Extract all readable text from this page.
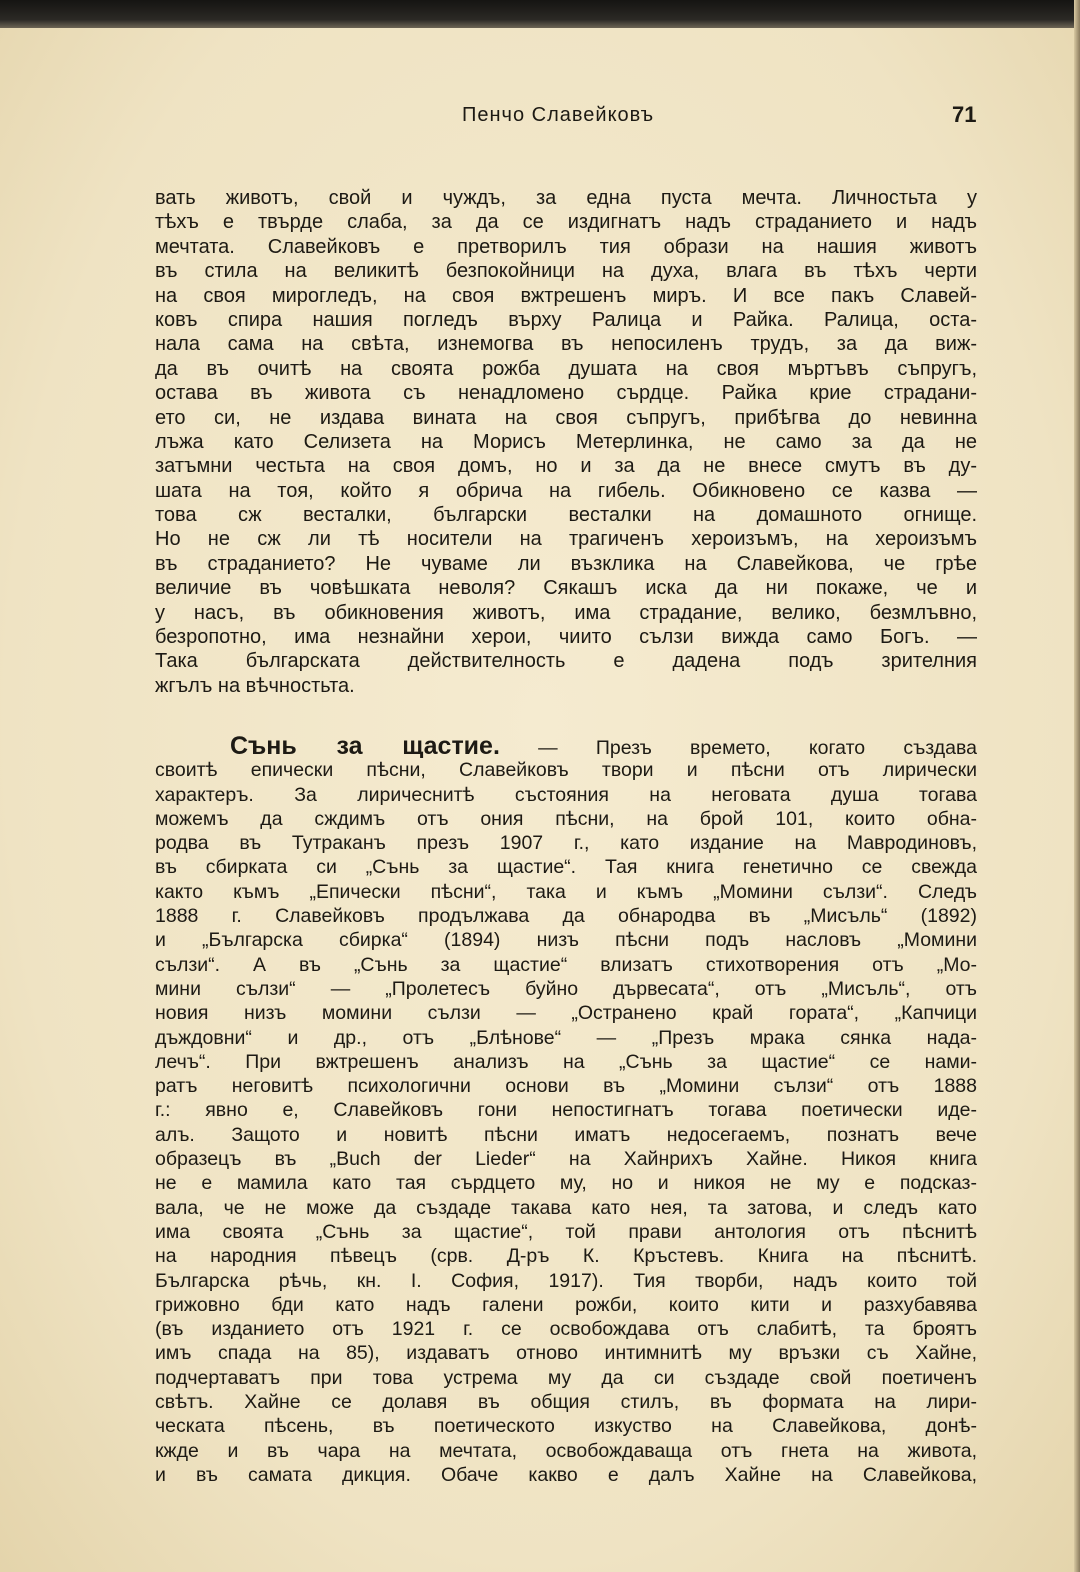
Пенчо Славейковъ	71
вать животъ, свой и чуждъ, за една пуста мечта. Личностьта у
тѣхъ е твърде слаба, за да се издигнатъ надъ страданието и надъ
мечтата. Славейковъ е претворилъ тия образи на нашия животъ
въ стила на великитѣ безпокойници на духа, влага въ тѣхъ черти
на своя мирогледъ, на своя вжтрешенъ миръ. И все пакъ Славей-
ковъ спира нашия погледъ върху Ралица и Райка. Ралица, оста-
нала сама на свѣта, изнемогва въ непосиленъ трудъ, за да виж-
да въ очитѣ на своята рожба душата на своя мъртъвъ съпругъ,
остава въ живота съ ненадломено сърдце. Райка крие страдани-
ето си, не издава вината на своя съпругъ, прибѣгва до невинна
лъжа като Селизета на Морисъ Метерлинка, не само за да не
затъмни честьта на своя домъ, но и за да не внесе смутъ въ ду-
шата на тоя, който я обрича на гибель. Обикновено се казва —
това сж весталки, български весталки на домашното огнище.
Но не сж ли тѣ носители на трагиченъ хероизъмъ, на хероизъмъ
въ страданието? Не чуваме ли възклика на Славейкова, че грѣе
величие въ човѣшката неволя? Сякашъ иска да ни покаже, че и
у насъ, въ обикновения животъ, има страдание, велико, безмлъвно,
безропотно, има незнайни херои, чиито сълзи вижда само Богъ. —
Така българската действителность е дадена подъ зрителния
жгълъ на вѣчностьта.
Сънь за щастие. — Презъ времето, когато създава
своитѣ епически пѣсни, Славейковъ твори и пѣсни отъ лирически
характеръ. За лиричеснитѣ състояния на неговата душа тогава
можемъ да сждимъ отъ ония пѣсни, на брой 101, които обна-
родва въ Тутраканъ презъ 1907 г., като издание на Мавродиновъ,
въ сбирката си „Сънь за щастие“. Тая книга генетично се свежда
както къмъ „Епически пѣсни“, така и къмъ „Момини сълзи“. Следъ
1888 г. Славейковъ продължава да обнародва въ „Мисъль“ (1892)
и „Българска сбирка“ (1894) низъ пѣсни подъ насловъ „Момини
сълзи“. А въ „Сънь за щастие“ влизатъ стихотворения отъ „Мо-
мини сълзи“ — „Пролетесъ буйно дървесата“, отъ „Мисъль“, отъ
новия низъ момини сълзи — „Остранено край гората“, „Капчици
дъждовни“ и др., отъ „Блѣнове“ — „Презъ мрака сянка нада-
лечъ“. При вжтрешенъ анализъ на „Сънь за щастие“ се нами-
ратъ неговитѣ психологични основи въ „Момини сълзи“ отъ 1888
г.: явно е, Славейковъ гони непостигнатъ тогава поетически иде-
алъ. Защото и новитѣ пѣсни иматъ недосегаемъ, познатъ вече
образецъ въ „Buch der Lieder“ на Хайнрихъ Хайне. Никоя книга
не е мамила като тая сърдцето му, но и никоя не му е подсказ-
вала, че не може да създаде такава като нея, та затова, и следъ като
има своята „Сънь за щастие“, той прави антология отъ пѣснитѣ
на народния пѣвецъ (срв. Д-ръ К. Кръстевъ. Книга на пѣснитѣ.
Българска рѣчь, кн. I. София, 1917). Тия творби, надъ които той
грижовно бди като надъ галени рожби, които кити и разхубавява
(въ изданието отъ 1921 г. се освобождава отъ слабитѣ, та броятъ
имъ спада на 85), издаватъ отново интимнитѣ му връзки съ Хайне,
подчертаватъ при това устрема му да си създаде свой поетиченъ
свѣтъ. Хайне се долавя въ общия стилъ, въ формата на лири-
ческата пѣсень, въ поетическото изкуство на Славейкова, донѣ-
кжде и въ чара на мечтата, освобождаваща отъ гнета на живота,
и въ самата дикция. Обаче какво е далъ Хайне на Славейкова,
